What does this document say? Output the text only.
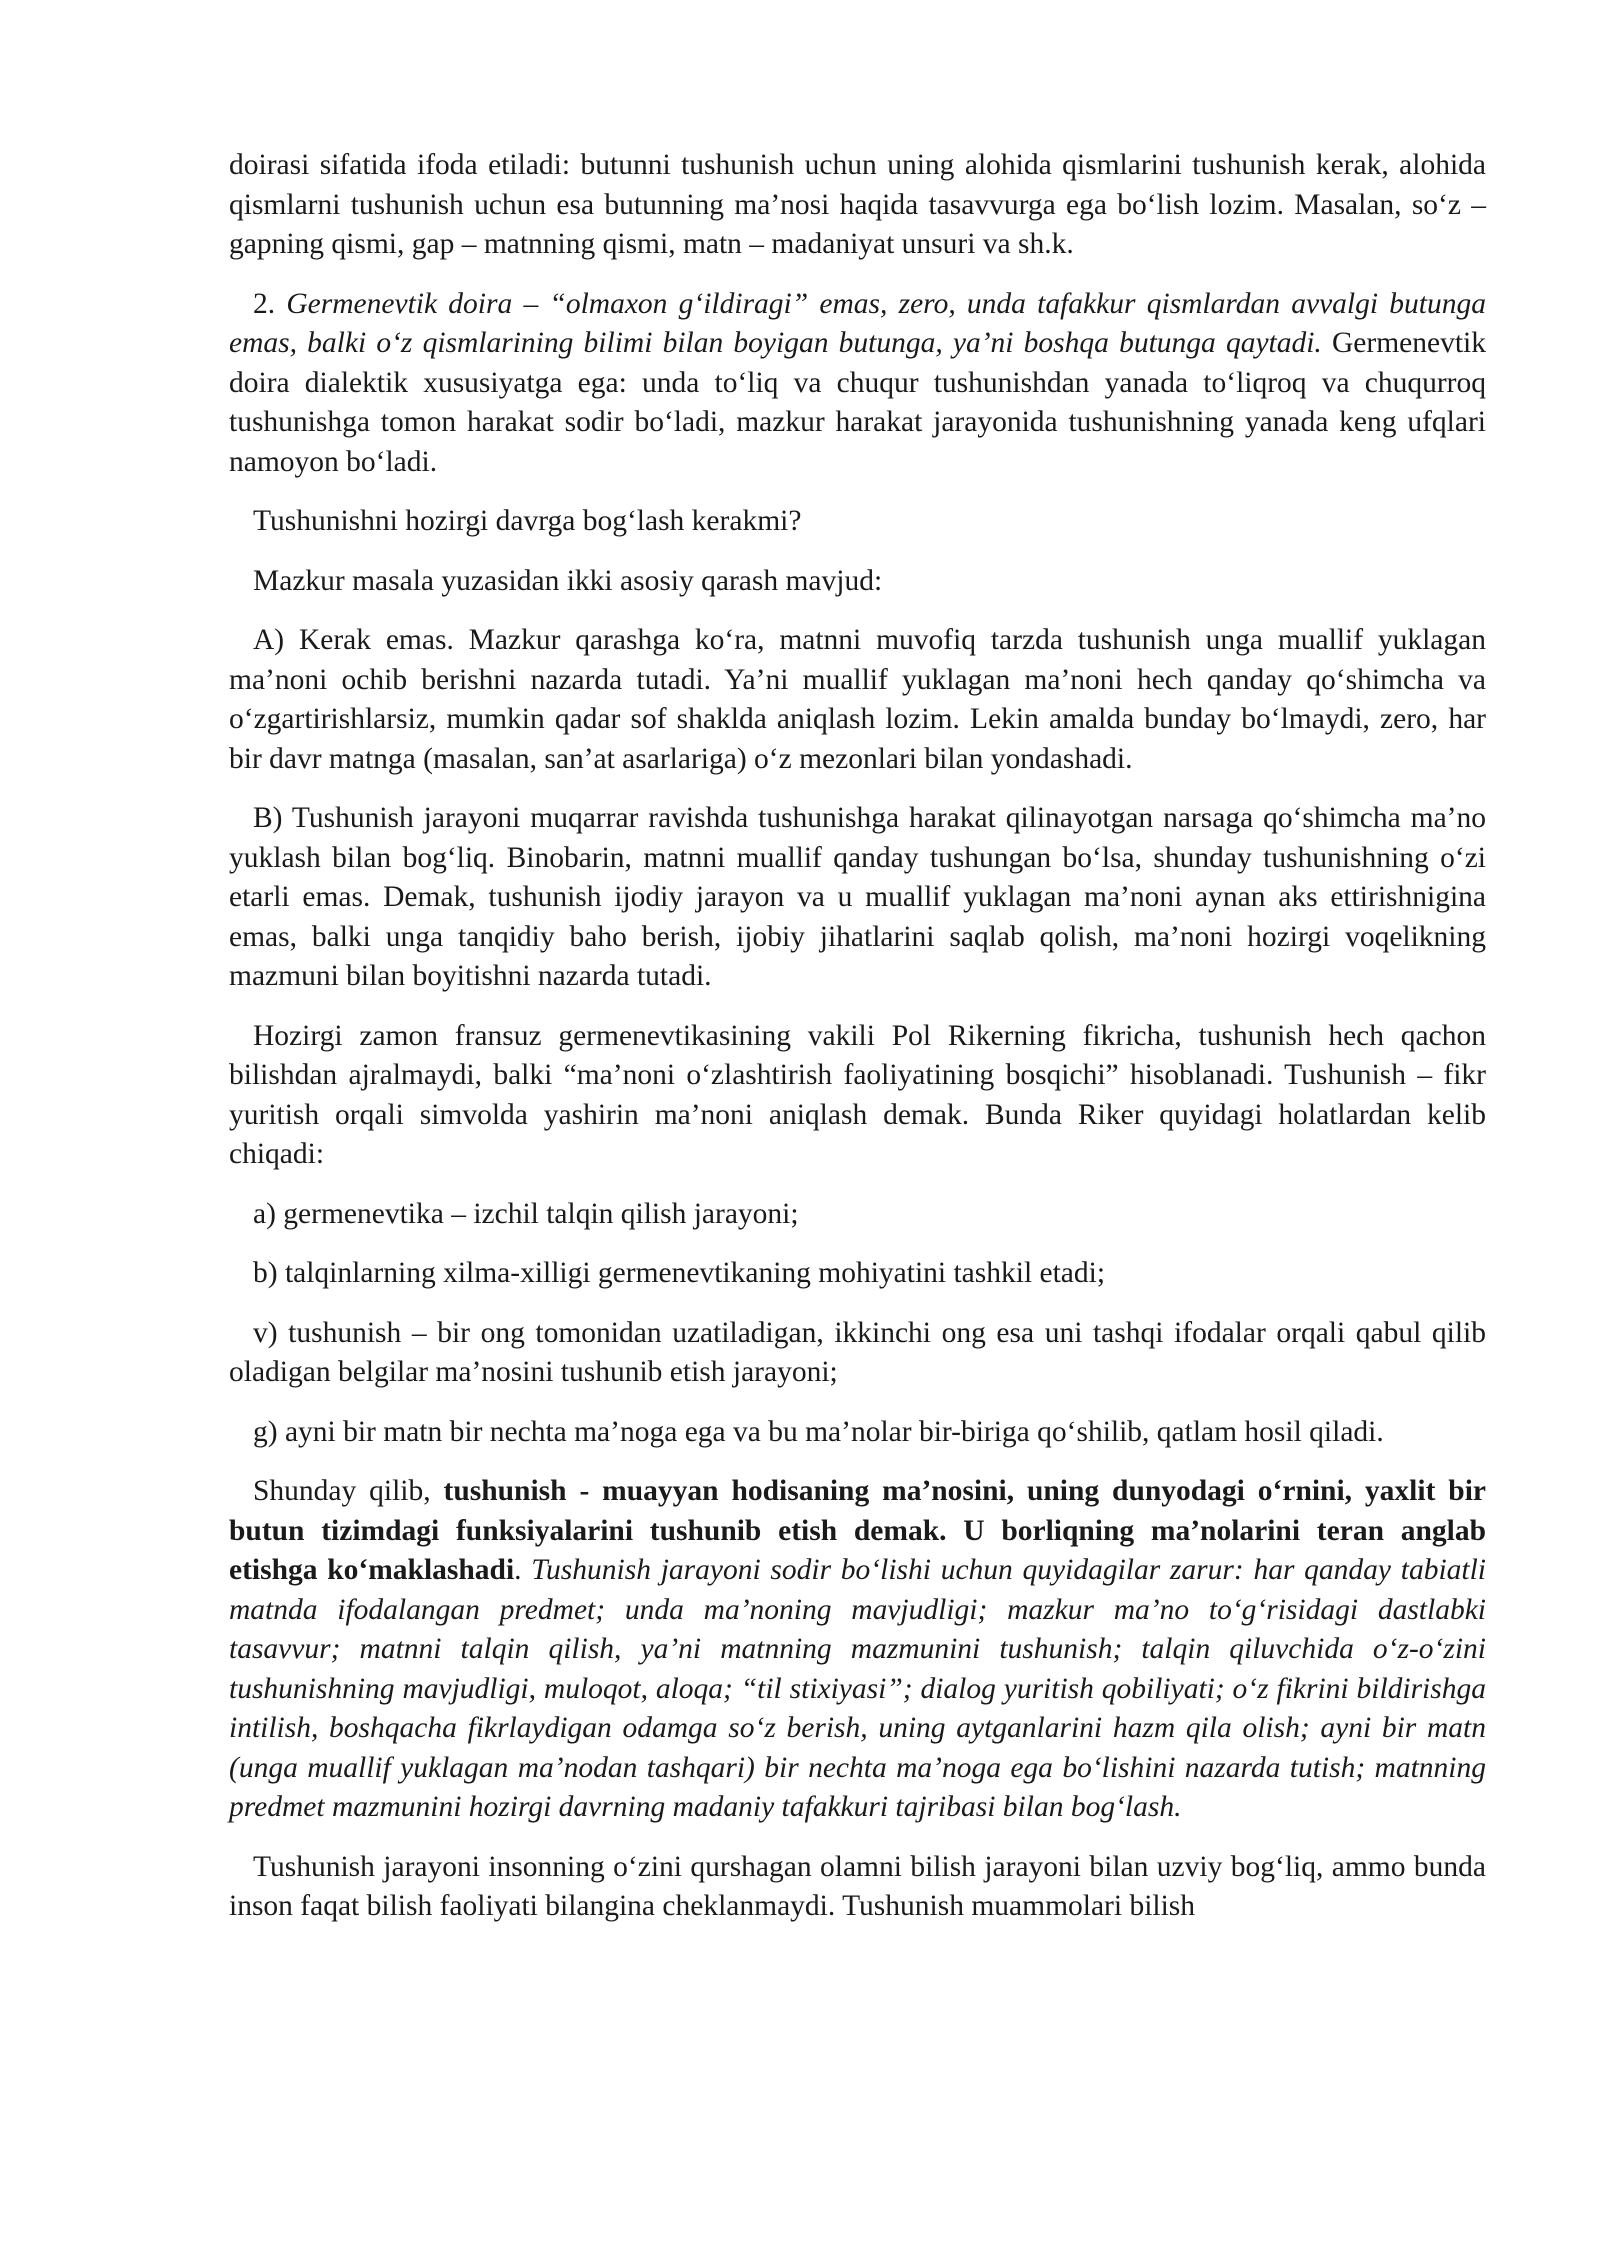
doirasi sifatida ifoda etiladi: butunni tushunish uchun uning alohida qismlarini tushunish kerak, alohida qismlarni tushunish uchun esa butunning ma’nosi haqida tasavvurga ega bo‘lish lozim. Masalan, so‘z – gapning qismi, gap – matnning qismi, matn – madaniyat unsuri va sh.k.

2. Germenevtik doira – “olmaxon g‘ildiragi” emas, zero, unda tafakkur qismlardan avvalgi butunga emas, balki o‘z qismlarining bilimi bilan boyigan butunga, ya’ni boshqa butunga qaytadi. Germenevtik doira dialektik xususiyatga ega: unda to‘liq va chuqur tushunishdan yanada to‘liqroq va chuqurroq tushunishga tomon harakat sodir bo‘ladi, mazkur harakat jarayonida tushunishning yanada keng ufqlari namoyon bo‘ladi.

Tushunishni hozirgi davrga bog‘lash kerakmi?

Mazkur masala yuzasidan ikki asosiy qarash mavjud:

A) Kerak emas. Mazkur qarashga ko‘ra, matnni muvofiq tarzda tushunish unga muallif yuklagan ma’noni ochib berishni nazarda tutadi. Ya’ni muallif yuklagan ma’noni hech qanday qo‘shimcha va o‘zgartirishlarsiz, mumkin qadar sof shaklda aniqlash lozim. Lekin amalda bunday bo‘lmaydi, zero, har bir davr matnga (masalan, san’at asarlariga) o‘z mezonlari bilan yondashadi.

B) Tushunish jarayoni muqarrar ravishda tushunishga harakat qilinayotgan narsaga qo‘shimcha ma’no yuklash bilan bog‘liq. Binobarin, matnni muallif qanday tushungan bo‘lsa, shunday tushunishning o‘zi etarli emas. Demak, tushunish ijodiy jarayon va u muallif yuklagan ma’noni aynan aks ettirishnigina emas, balki unga tanqidiy baho berish, ijobiy jihatlarini saqlab qolish, ma’noni hozirgi voqelikning mazmuni bilan boyitishni nazarda tutadi.

Hozirgi zamon fransuz germenevtikasining vakili Pol Rikerning fikricha, tushunish hech qachon bilishdan ajralmaydi, balki “ma’noni o‘zlashtirish faoliyatining bosqichi” hisoblanadi. Tushunish – fikr yuritish orqali simvolda yashirin ma’noni aniqlash demak. Bunda Riker quyidagi holatlardan kelib chiqadi:

a) germenevtika – izchil talqin qilish jarayoni;

b) talqinlarning xilma-xilligi germenevtikaning mohiyatini tashkil etadi;

v) tushunish – bir ong tomonidan uzatiladigan, ikkinchi ong esa uni tashqi ifodalar orqali qabul qilib oladigan belgilar ma’nosini tushunib etish jarayoni;

g) ayni bir matn bir nechta ma’noga ega va bu ma’nolar bir-biriga qo‘shilib, qatlam hosil qiladi.

Shunday qilib, tushunish - muayyan hodisaning ma’nosini, uning dunyodagi o‘rnini, yaxlit bir butun tizimdagi funksiyalarini tushunib etish demak. U borliqning ma’nolarini teran anglab etishga ko‘maklashadi. Tushunish jarayoni sodir bo‘lishi uchun quyidagilar zarur: har qanday tabiatli matnda ifodalangan predmet; unda ma’noning mavjudligi; mazkur ma’no to‘g‘risidagi dastlabki tasavvur; matnni talqin qilish, ya’ni matnning mazmunini tushunish; talqin qiluvchida o‘z-o‘zini tushunishning mavjudligi, muloqot, aloqa; “til stixiyasi”; dialog yuritish qobiliyati; o‘z fikrini bildirishga intilish, boshqacha fikrlaydigan odamga so‘z berish, uning aytganlarini hazm qila olish; ayni bir matn (unga muallif yuklagan ma’nodan tashqari) bir nechta ma’noga ega bo‘lishini nazarda tutish; matnning predmet mazmunini hozirgi davrning madaniy tafakkuri tajribasi bilan bog‘lash.

Tushunish jarayoni insonning o‘zini qurshagan olamni bilish jarayoni bilan uzviy bog‘liq, ammo bunda inson faqat bilish faoliyati bilangina cheklanmaydi. Tushunish muammolari bilish
